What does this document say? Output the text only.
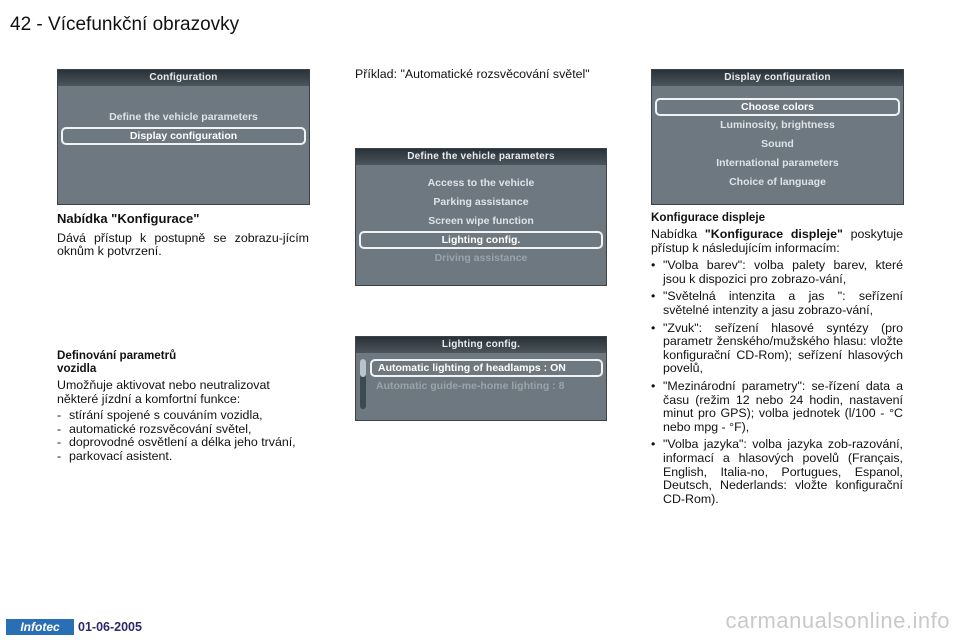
42 - Vícefunkční obrazovky
Configuration
Define the vehicle parameters
Display configuration
Nabídka "Konfigurace"

Dává přístup k postupně se zobrazu-jícím oknům k potvrzení.

Definování parametrů
vozidla

Umožňuje aktivovat nebo neutralizovat některé jízdní a komfortní funkce:

- stírání spojené s couváním vozidla,
- automatické rozsvěcování světel,
- doprovodné osvětlení a délka jeho trvání,
- parkovací asistent.
Příklad: "Automatické rozsvěcování světel"
Define the vehicle parameters
Access to the vehicle
Parking assistance
Screen wipe function
Lighting config.
Driving assistance
Lighting config.
Automatic lighting of headlamps : ON
Automatic guide-me-home lighting : 8
Display configuration
Choose colors
Luminosity, brightness
Sound
International parameters
Choice of language
Konfigurace displeje

Nabídka "Konfigurace displeje" poskytuje přístup k následujícím informacím:

• "Volba barev": volba palety barev, které jsou k dispozici pro zobrazo-vání,
• "Světelná intenzita a jas ": seřízení světelné intenzity a jasu zobrazo-vání,
• "Zvuk": seřízení hlasové syntézy (pro parametr ženského/mužského hlasu: vložte konfigurační CD-Rom); seřízení hlasových povelů,
• "Mezinárodní parametry": se-řízení data a času (režim 12 nebo 24 hodin, nastavení minut pro GPS); volba jednotek (l/100 - °C nebo mpg - °F),
• "Volba jazyka": volba jazyka zob-razování, informací a hlasových povelů (Français, English, Italia-no, Portugues, Espanol, Deutsch, Nederlands: vložte konfigurační CD-Rom).
Infotec	01-06-2005	carmanualsonline.info
